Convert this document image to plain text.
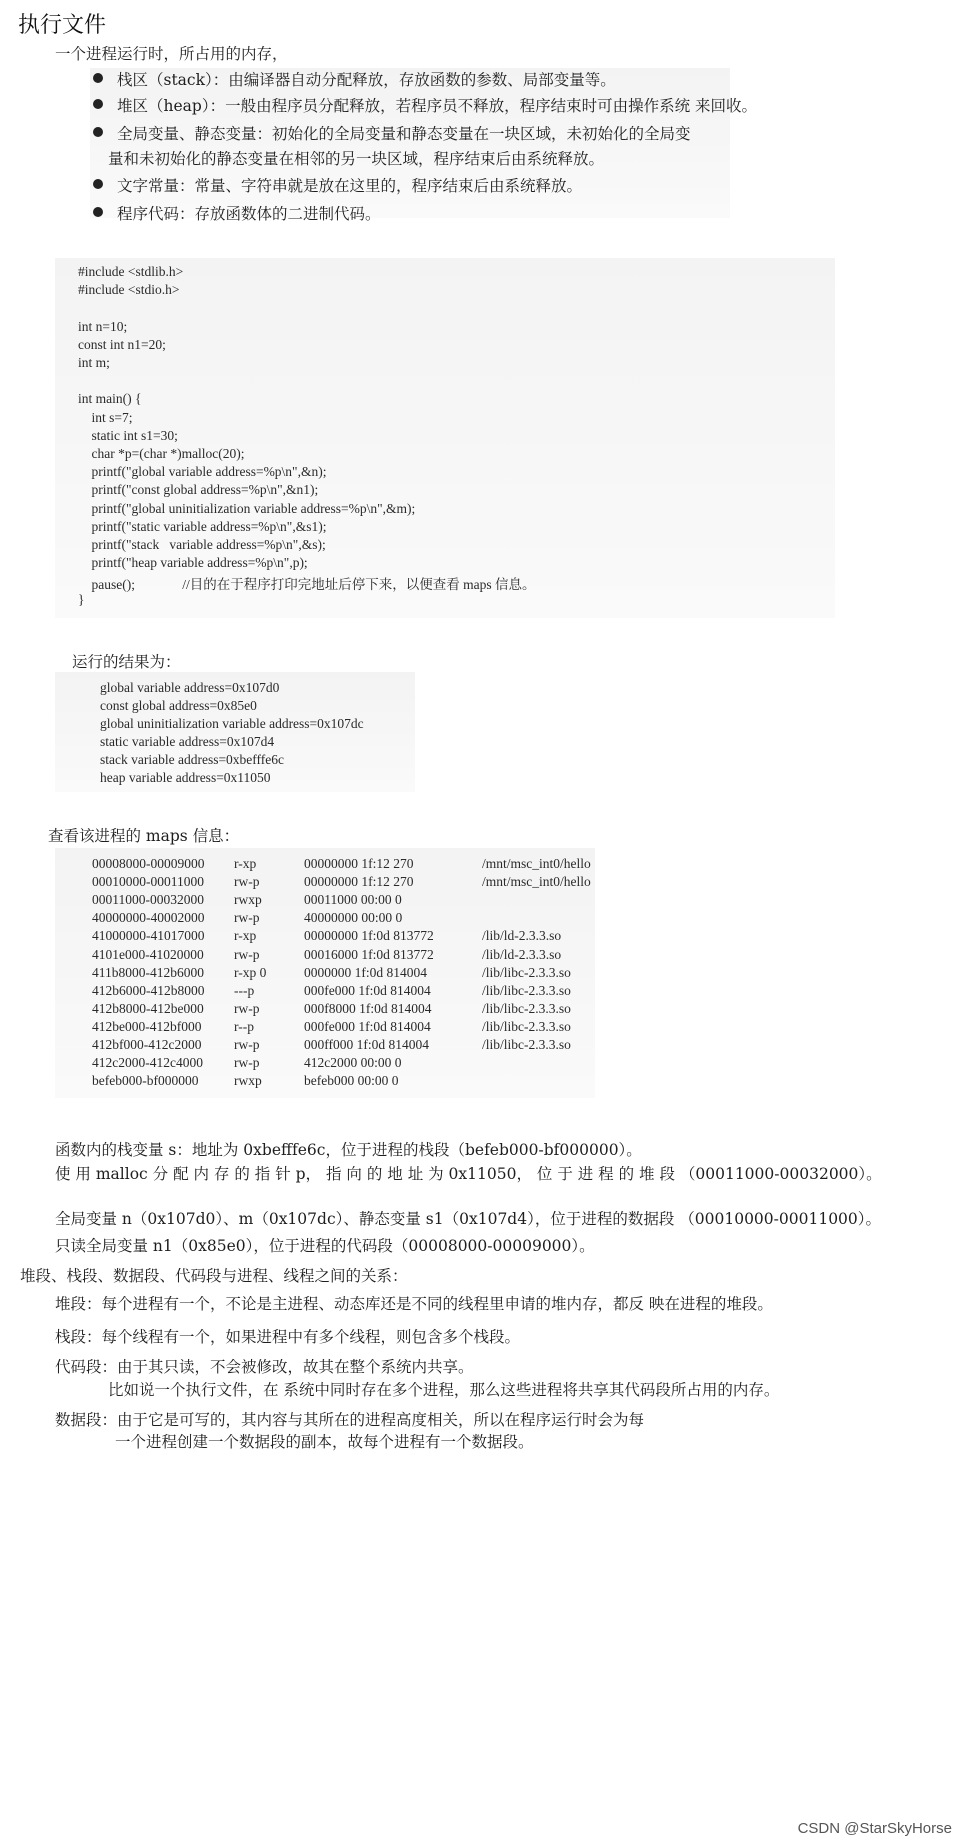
执行文件
一个进程运行时，所占用的内存，
栈区（stack）：由编译器自动分配释放，存放函数的参数、局部变量等。
堆区（heap）：一般由程序员分配释放，若程序员不释放，程序结束时可由操作系统 来回收。
全局变量、静态变量：初始化的全局变量和静态变量在一块区域，未初始化的全局变
量和未初始化的静态变量在相邻的另一块区域，程序结束后由系统释放。
文字常量：常量、字符串就是放在这里的，程序结束后由系统释放。
程序代码：存放函数体的二进制代码。
#include <stdlib.h>
#include <stdio.h>
int n=10;
const int n1=20;
int m;
int main() {
int s=7;
static int s1=30;
char *p=(char *)malloc(20);
printf("global variable address=%p\n",&n);
printf("const global address=%p\n",&n1);
printf("global uninitialization variable address=%p\n",&m);
printf("static variable address=%p\n",&s1);
printf("stack   variable address=%p\n",&s);
printf("heap variable address=%p\n",p);
pause();              //目的在于程序打印完地址后停下来，以便查看 maps 信息。
}
运行的结果为：
global variable address=0x107d0
const global address=0x85e0
global uninitialization variable address=0x107dc
static variable address=0x107d4
stack variable address=0xbefffe6c
heap variable address=0x11050
查看该进程的 maps 信息：
00008000-00009000 r-xp	00000000 1f:12 270	/mnt/msc_int0/hello
00010000-00011000 rw-p	00000000 1f:12 270	/mnt/msc_int0/hello
00011000-00032000 rwxp	00011000 00:00 0
40000000-40002000 rw-p	40000000 00:00 0
41000000-41017000 r-xp	00000000 1f:0d 813772	/lib/ld-2.3.3.so
4101e000-41020000 rw-p	00016000 1f:0d 813772	/lib/ld-2.3.3.so
411b8000-412b6000 r-xp 0	0000000 1f:0d 814004	/lib/libc-2.3.3.so
412b6000-412b8000 ---p	000fe000 1f:0d 814004	/lib/libc-2.3.3.so
412b8000-412be000 rw-p	000f8000 1f:0d 814004	/lib/libc-2.3.3.so
412be000-412bf000 r--p	000fe000 1f:0d 814004	/lib/libc-2.3.3.so
412bf000-412c2000 rw-p	000ff000 1f:0d 814004	/lib/libc-2.3.3.so
412c2000-412c4000 rw-p	412c2000 00:00 0
befeb000-bf000000	rwxp	befeb000 00:00 0
函数内的栈变量 s：地址为 0xbefffe6c，位于进程的栈段（befeb000-bf000000）。
使 用 malloc 分 配 内 存 的 指 针 p， 指 向 的 地 址 为 0x11050， 位 于 进 程 的 堆 段 （00011000-00032000）。
全局变量 n（0x107d0）、m（0x107dc）、静态变量 s1（0x107d4），位于进程的数据段 （00010000-00011000）。
只读全局变量 n1（0x85e0），位于进程的代码段（00008000-00009000）。
堆段、栈段、数据段、代码段与进程、线程之间的关系：
堆段：每个进程有一个，不论是主进程、动态库还是不同的线程里申请的堆内存，都反 映在进程的堆段。
栈段：每个线程有一个，如果进程中有多个线程，则包含多个栈段。
代码段：由于其只读，不会被修改，故其在整个系统内共享。
比如说一个执行文件，在 系统中同时存在多个进程，那么这些进程将共享其代码段所占用的内存。
数据段：由于它是可写的，其内容与其所在的进程高度相关，所以在程序运行时会为每
一个进程创建一个数据段的副本，故每个进程有一个数据段。
CSDN @StarSkyHorse
